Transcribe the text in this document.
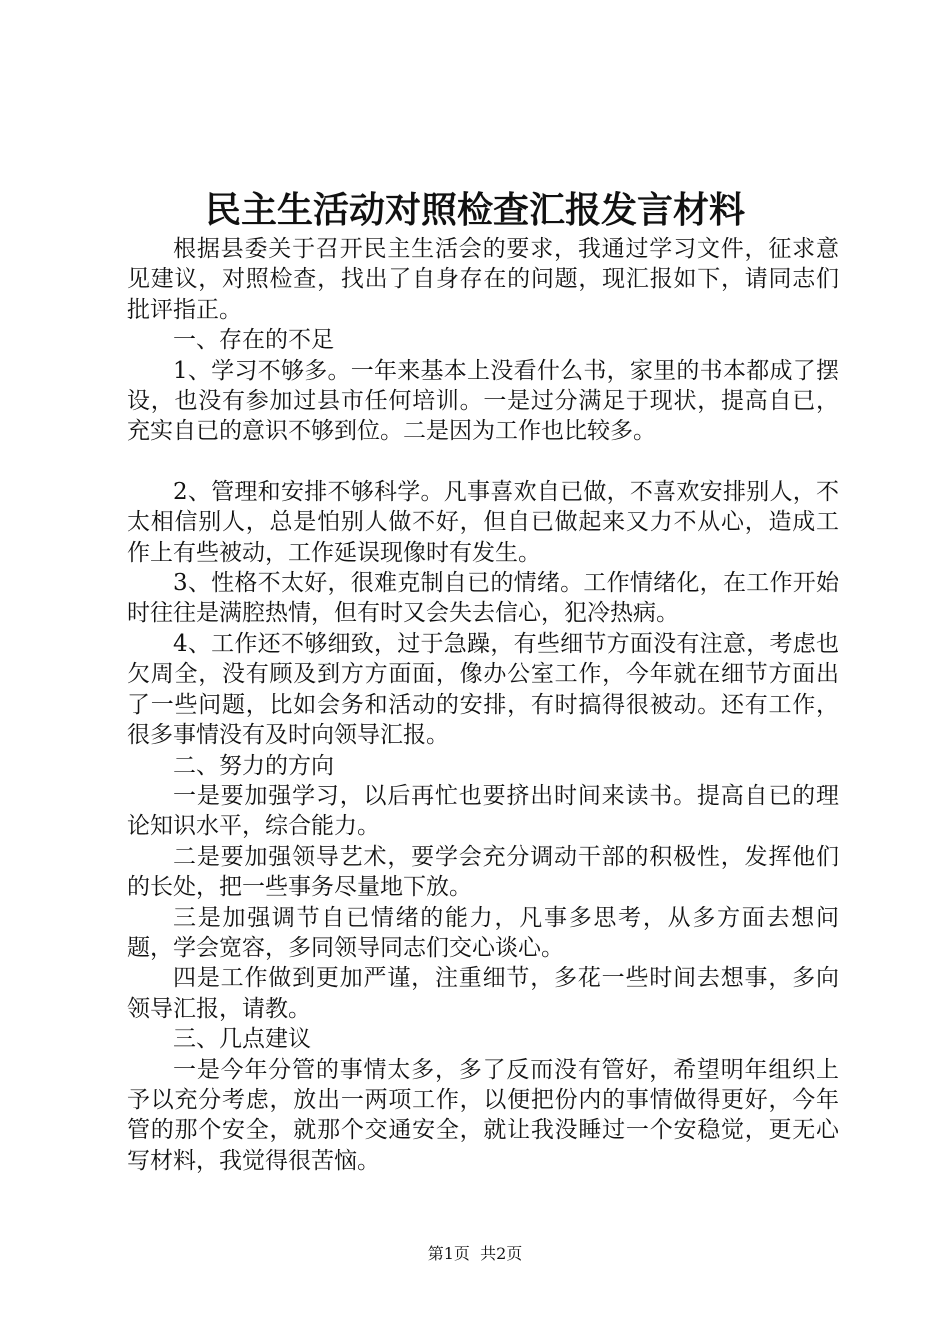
民主生活动对照检查汇报发言材料

根据县委关于召开民主生活会的要求，我通过学习文件，征求意见建议，对照检查，找出了自身存在的问题，现汇报如下，请同志们批评指正。

一、存在的不足

1、学习不够多。一年来基本上没看什么书，家里的书本都成了摆设，也没有参加过县市任何培训。一是过分满足于现状，提高自已，充实自已的意识不够到位。二是因为工作也比较多。

2、管理和安排不够科学。凡事喜欢自已做，不喜欢安排别人，不太相信别人，总是怕别人做不好，但自已做起来又力不从心，造成工作上有些被动，工作延误现像时有发生。

3、性格不太好，很难克制自已的情绪。工作情绪化，在工作开始时往往是满腔热情，但有时又会失去信心，犯冷热病。

4、工作还不够细致，过于急躁，有些细节方面没有注意，考虑也欠周全，没有顾及到方方面面，像办公室工作，今年就在细节方面出了一些问题，比如会务和活动的安排，有时搞得很被动。还有工作，很多事情没有及时向领导汇报。

二、努力的方向

一是要加强学习，以后再忙也要挤出时间来读书。提高自已的理论知识水平，综合能力。

二是要加强领导艺术，要学会充分调动干部的积极性，发挥他们的长处，把一些事务尽量地下放。

三是加强调节自已情绪的能力，凡事多思考，从多方面去想问题，学会宽容，多同领导同志们交心谈心。

四是工作做到更加严谨，注重细节，多花一些时间去想事，多向领导汇报，请教。

三、几点建议

一是今年分管的事情太多，多了反而没有管好，希望明年组织上予以充分考虑，放出一两项工作，以便把份内的事情做得更好，今年管的那个安全，就那个交通安全，就让我没睡过一个安稳觉，更无心写材料，我觉得很苦恼。

第1页 共2页
